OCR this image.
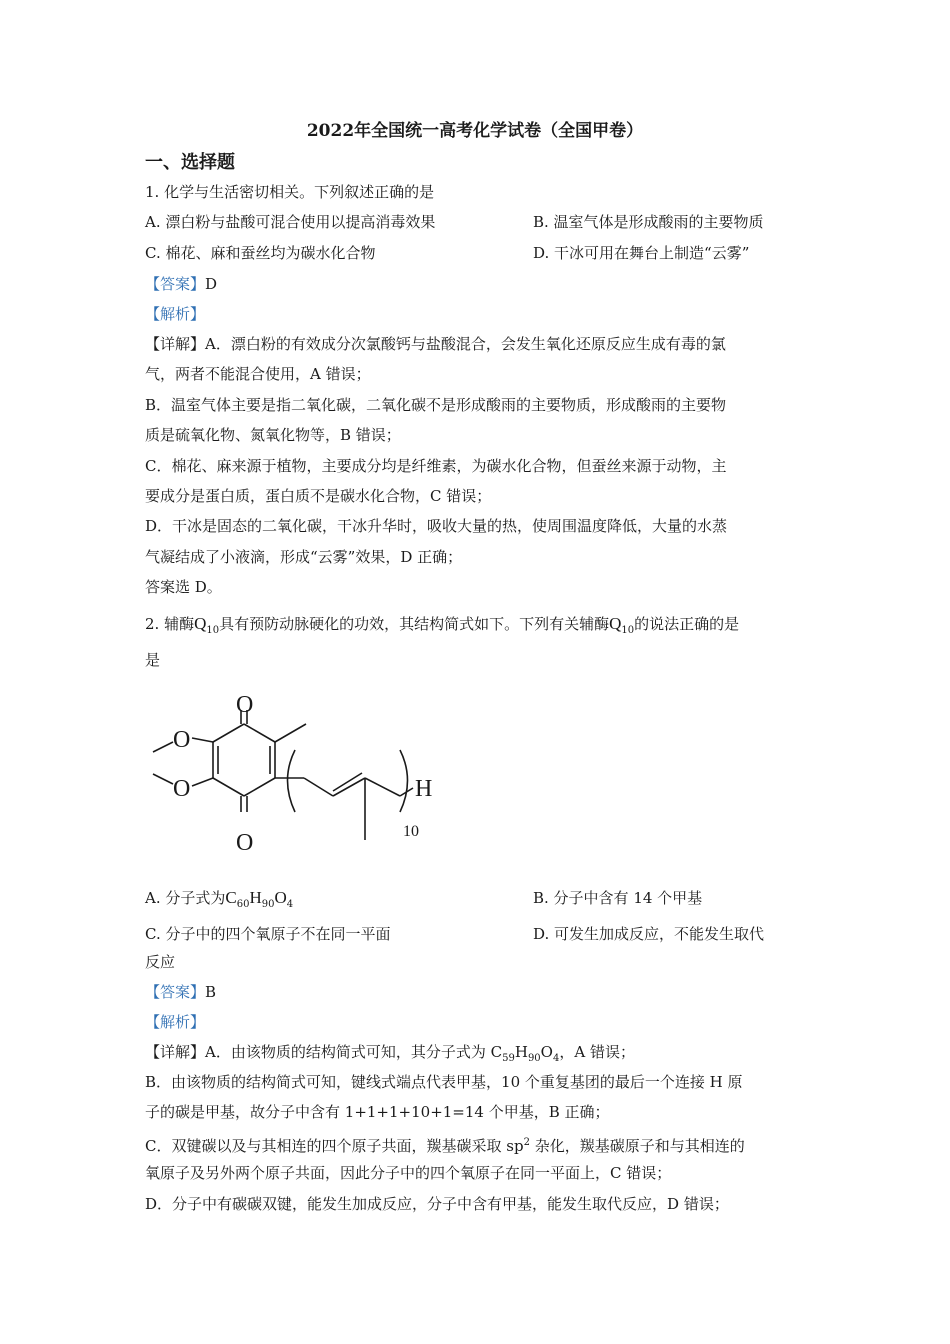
2022年全国统一高考化学试卷（全国甲卷）
一、选择题
1. 化学与生活密切相关。下列叙述正确的是
A. 漂白粉与盐酸可混合使用以提高消毒效果	B. 温室气体是形成酸雨的主要物质
C. 棉花、麻和蚕丝均为碳水化合物	D. 干冰可用在舞台上制造“云雾”
【答案】D
【解析】
【详解】A．漂白粉的有效成分次氯酸钙与盐酸混合，会发生氧化还原反应生成有毒的氯
气，两者不能混合使用，A 错误；
B．温室气体主要是指二氧化碳，二氧化碳不是形成酸雨的主要物质，形成酸雨的主要物
质是硫氧化物、氮氧化物等，B 错误；
C．棉花、麻来源于植物，主要成分均是纤维素，为碳水化合物，但蚕丝来源于动物，主
要成分是蛋白质，蛋白质不是碳水化合物，C 错误；
D．干冰是固态的二氧化碳，干冰升华时，吸收大量的热，使周围温度降低，大量的水蒸
气凝结成了小液滴，形成“云雾”效果，D 正确；
答案选 D。
2. 辅酶$Q_{10}$具有预防动脉硬化的功效，其结构简式如下。下列有关辅酶$Q_{10}$的说法正确的是
是
O
O
O
O	H
10
A. 分子式为$C_{60}H_{90}O_4$	B. 分子中含有 14 个甲基
C. 分子中的四个氧原子不在同一平面	D. 可发生加成反应，不能发生取代
反应
【答案】B
【解析】
【详解】A．由该物质的结构简式可知，其分子式为 $C_{59}H_{90}O_4$，A 错误；
B．由该物质的结构简式可知，键线式端点代表甲基，10 个重复基团的最后一个连接 H 原
子的碳是甲基，故分子中含有 1+1+1+10+1=14 个甲基，B 正确；
C．双键碳以及与其相连的四个原子共面，羰基碳采取 $sp^2$ 杂化，羰基碳原子和与其相连的
氧原子及另外两个原子共面，因此分子中的四个氧原子在同一平面上，C 错误；
D．分子中有碳碳双键，能发生加成反应，分子中含有甲基，能发生取代反应，D 错误；
